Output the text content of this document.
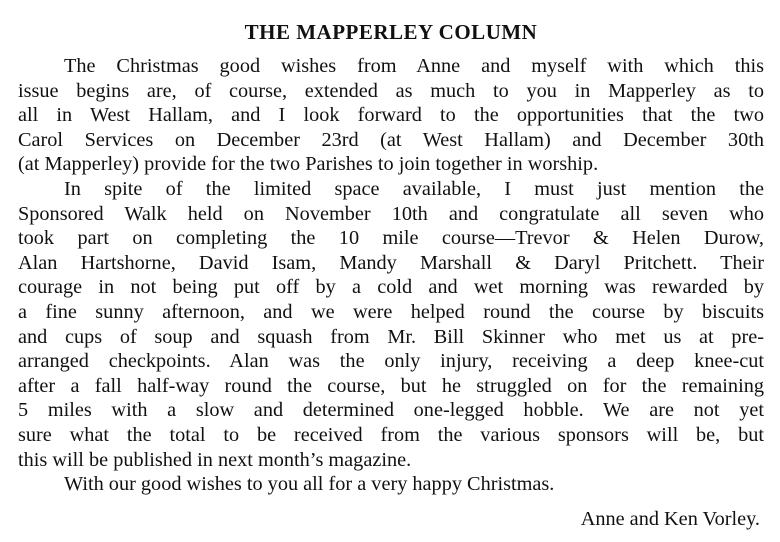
THE MAPPERLEY COLUMN
The Christmas good wishes from Anne and myself with which this
issue begins are, of course, extended as much to you in Mapperley as to
all in West Hallam, and I look forward to the opportunities that the two
Carol Services on December 23rd (at West Hallam) and December 30th
(at Mapperley) provide for the two Parishes to join together in worship.
In spite of the limited space available, I must just mention the
Sponsored Walk held on November 10th and congratulate all seven who
took part on completing the 10 mile course—Trevor & Helen Durow,
Alan Hartshorne, David Isam, Mandy Marshall & Daryl Pritchett. Their
courage in not being put off by a cold and wet morning was rewarded by
a fine sunny afternoon, and we were helped round the course by biscuits
and cups of soup and squash from Mr. Bill Skinner who met us at pre-
arranged checkpoints. Alan was the only injury, receiving a deep knee-cut
after a fall half-way round the course, but he struggled on for the remaining
5 miles with a slow and determined one-legged hobble. We are not yet
sure what the total to be received from the various sponsors will be, but
this will be published in next month’s magazine.
With our good wishes to you all for a very happy Christmas.
Anne and Ken Vorley.
